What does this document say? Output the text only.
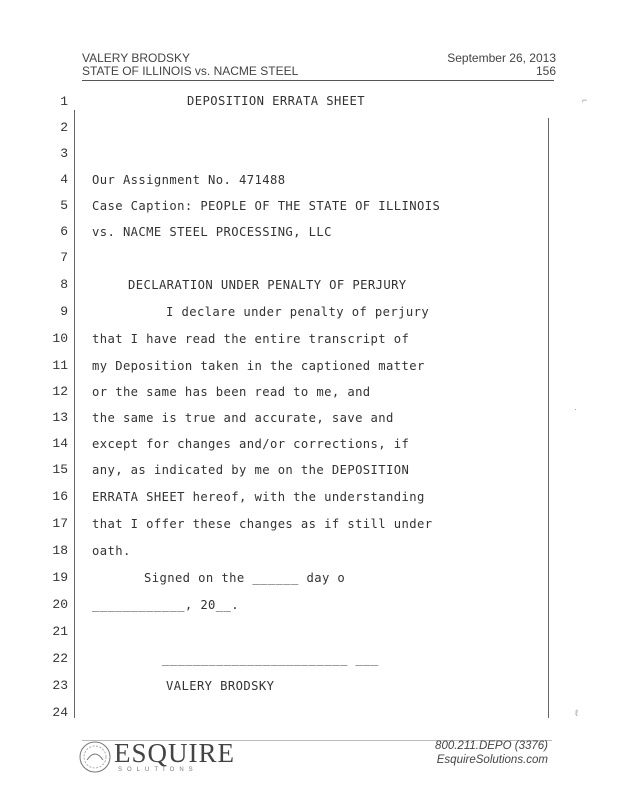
VALERY BRODSKY
STATE OF ILLINOIS vs. NACME STEEL
September 26, 2013
156
DEPOSITION ERRATA SHEET
1
2
3
4
5
6
7
8
9
10
11
12
13
14
15
16
17
18
19
20
21
22
23
24
Our Assignment No. 471488
Case Caption: PEOPLE OF THE STATE OF ILLINOIS
vs. NACME STEEL PROCESSING, LLC
DECLARATION UNDER PENALTY OF PERJURY
I declare under penalty of perjury
that I have read the entire transcript of
my Deposition taken in the captioned matter
or the same has been read to me, and
the same is true and accurate, save and
except for changes and/or corrections, if
any, as indicated by me on the DEPOSITION
ERRATA SHEET hereof, with the understanding
that I offer these changes as if still under
oath.
Signed on the ______ day o
____________, 20__.
________________________ ___
VALERY BRODSKY
ESQUIRE
SOLUTIONS
800.211.DEPO (3376)
EsquireSolutions.com
⌐
·
ℓ
